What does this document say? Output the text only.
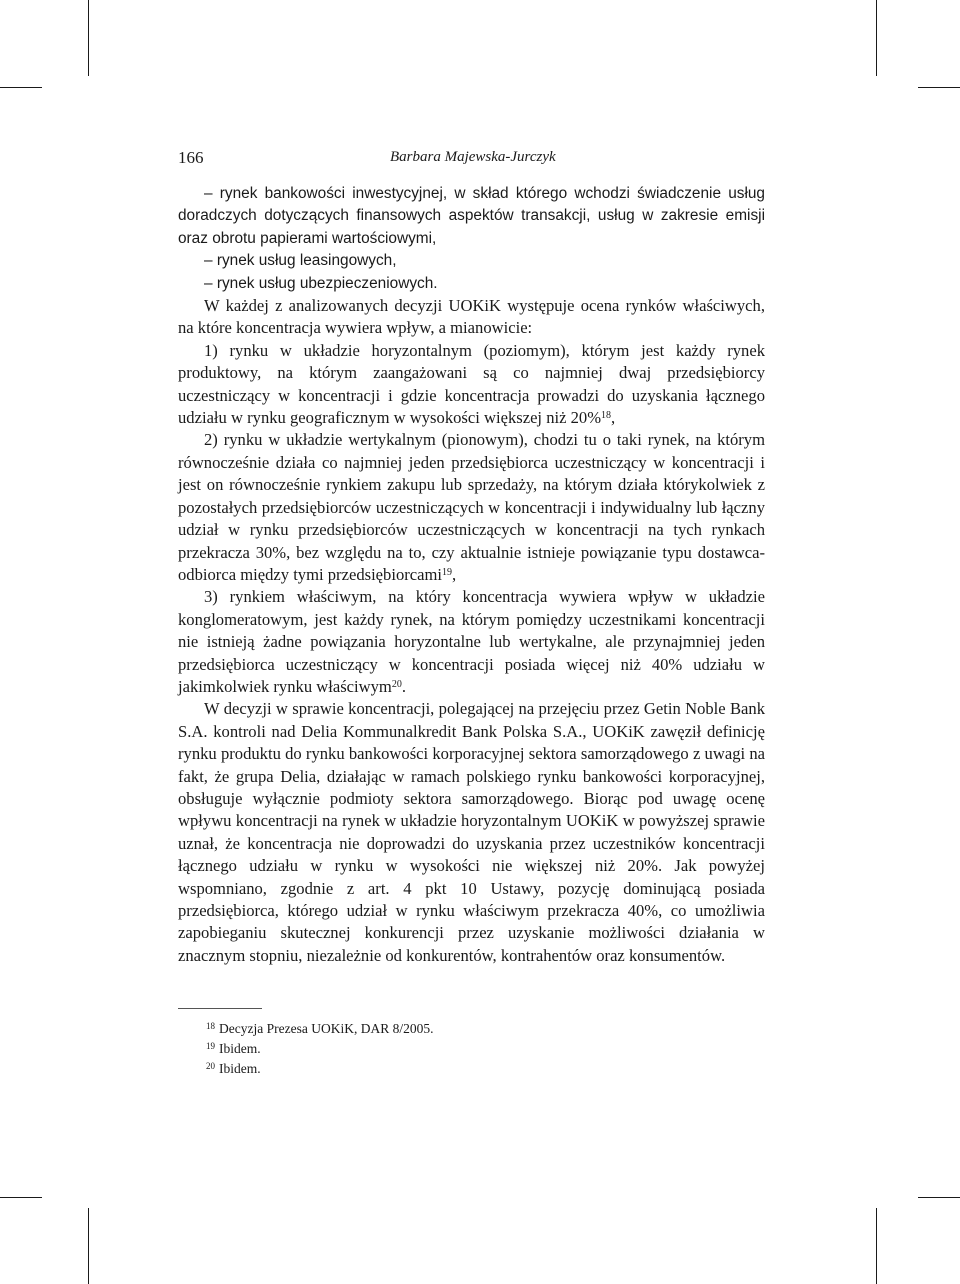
166	Barbara Majewska-Jurczyk

– rynek bankowości inwestycyjnej, w skład którego wchodzi świadczenie usług doradczych dotyczących finansowych aspektów transakcji, usług w zakresie emisji oraz obrotu papierami wartościowymi,

– rynek usług leasingowych,

– rynek usług ubezpieczeniowych.

W każdej z analizowanych decyzji UOKiK występuje ocena rynków właściwych, na które koncentracja wywiera wpływ, a mianowicie:

1) rynku w układzie horyzontalnym (poziomym), którym jest każdy rynek produktowy, na którym zaangażowani są co najmniej dwaj przedsiębiorcy uczestniczący w koncentracji i gdzie koncentracja prowadzi do uzyskania łącznego udziału w rynku geograficznym w wysokości większej niż 20%$^{18}$,

2) rynku w układzie wertykalnym (pionowym), chodzi tu o taki rynek, na którym równocześnie działa co najmniej jeden przedsiębiorca uczestniczący w koncentracji i jest on równocześnie rynkiem zakupu lub sprzedaży, na którym działa którykolwiek z pozostałych przedsiębiorców uczestniczących w koncentracji i indywidualny lub łączny udział w rynku przedsiębiorców uczestniczących w koncentracji na tych rynkach przekracza 30%, bez względu na to, czy aktualnie istnieje powiązanie typu dostawca-odbiorca między tymi przedsiębiorcami$^{19}$,

3) rynkiem właściwym, na który koncentracja wywiera wpływ w układzie konglomeratowym, jest każdy rynek, na którym pomiędzy uczestnikami koncentracji nie istnieją żadne powiązania horyzontalne lub wertykalne, ale przynajmniej jeden przedsiębiorca uczestniczący w koncentracji posiada więcej niż 40% udziału w jakimkolwiek rynku właściwym$^{20}$.

W decyzji w sprawie koncentracji, polegającej na przejęciu przez Getin Noble Bank S.A. kontroli nad Delia Kommunalkredit Bank Polska S.A., UOKiK zawęził definicję rynku produktu do rynku bankowości korporacyjnej sektora samorządowego z uwagi na fakt, że grupa Delia, działając w ramach polskiego rynku bankowości korporacyjnej, obsługuje wyłącznie podmioty sektora samorządowego. Biorąc pod uwagę ocenę wpływu koncentracji na rynek w układzie horyzontalnym UOKiK w powyższej sprawie uznał, że koncentracja nie doprowadzi do uzyskania przez uczestników koncentracji łącznego udziału w rynku w wysokości nie większej niż 20%. Jak powyżej wspomniano, zgodnie z art. 4 pkt 10 Ustawy, pozycję dominującą posiada przedsiębiorca, którego udział w rynku właściwym przekracza 40%, co umożliwia zapobieganiu skutecznej konkurencji przez uzyskanie możliwości działania w znacznym stopniu, niezależnie od konkurentów, kontrahentów oraz konsumentów.

$^{18}$ Decyzja Prezesa UOKiK, DAR 8/2005.
$^{19}$ Ibidem.
$^{20}$ Ibidem.
